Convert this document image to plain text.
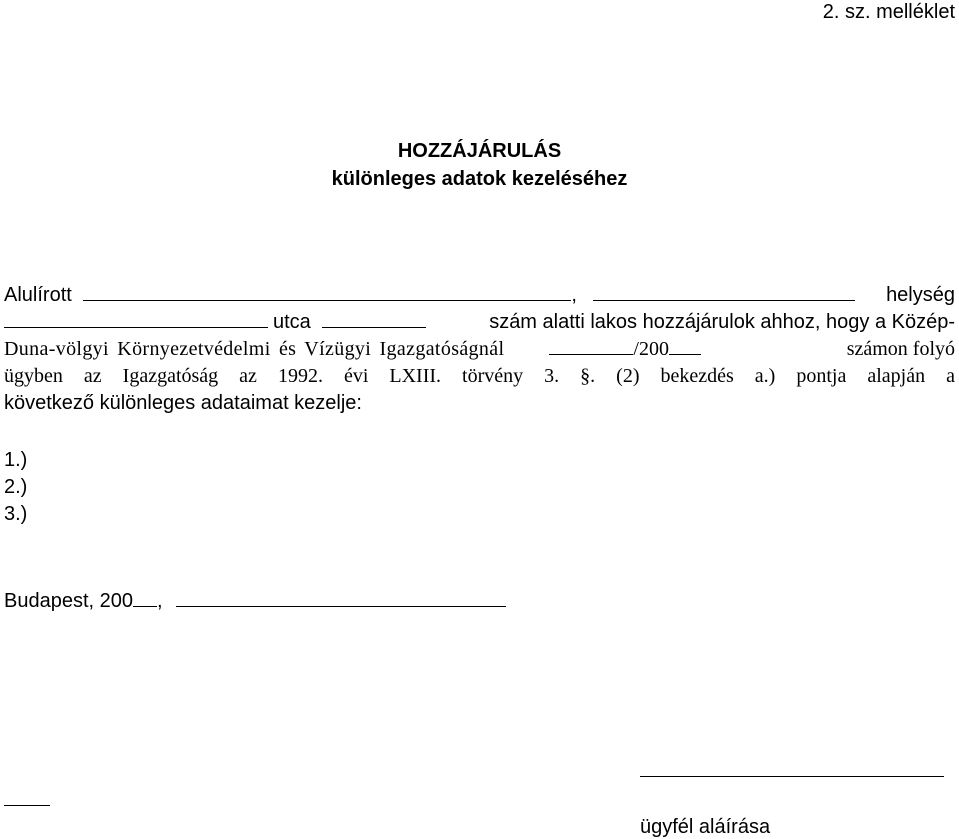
2. sz. melléklet
HOZZÁJÁRULÁS
különleges adatok kezeléséhez
Alulírott	,	helység
utca	szám alatti lakos hozzájárulok ahhoz, hogy a Közép-
Duna-völgyi Környezetvédelmi és Vízügyi Igazgatóságnál	/200	számon folyó
ügyben az Igazgatóság az 1992. évi LXIII. törvény 3. §. (2) bekezdés a.) pontja alapján a
következő különleges adataimat kezelje:
1.)
2.)
3.)
Budapest, 200 ,
ügyfél aláírása
